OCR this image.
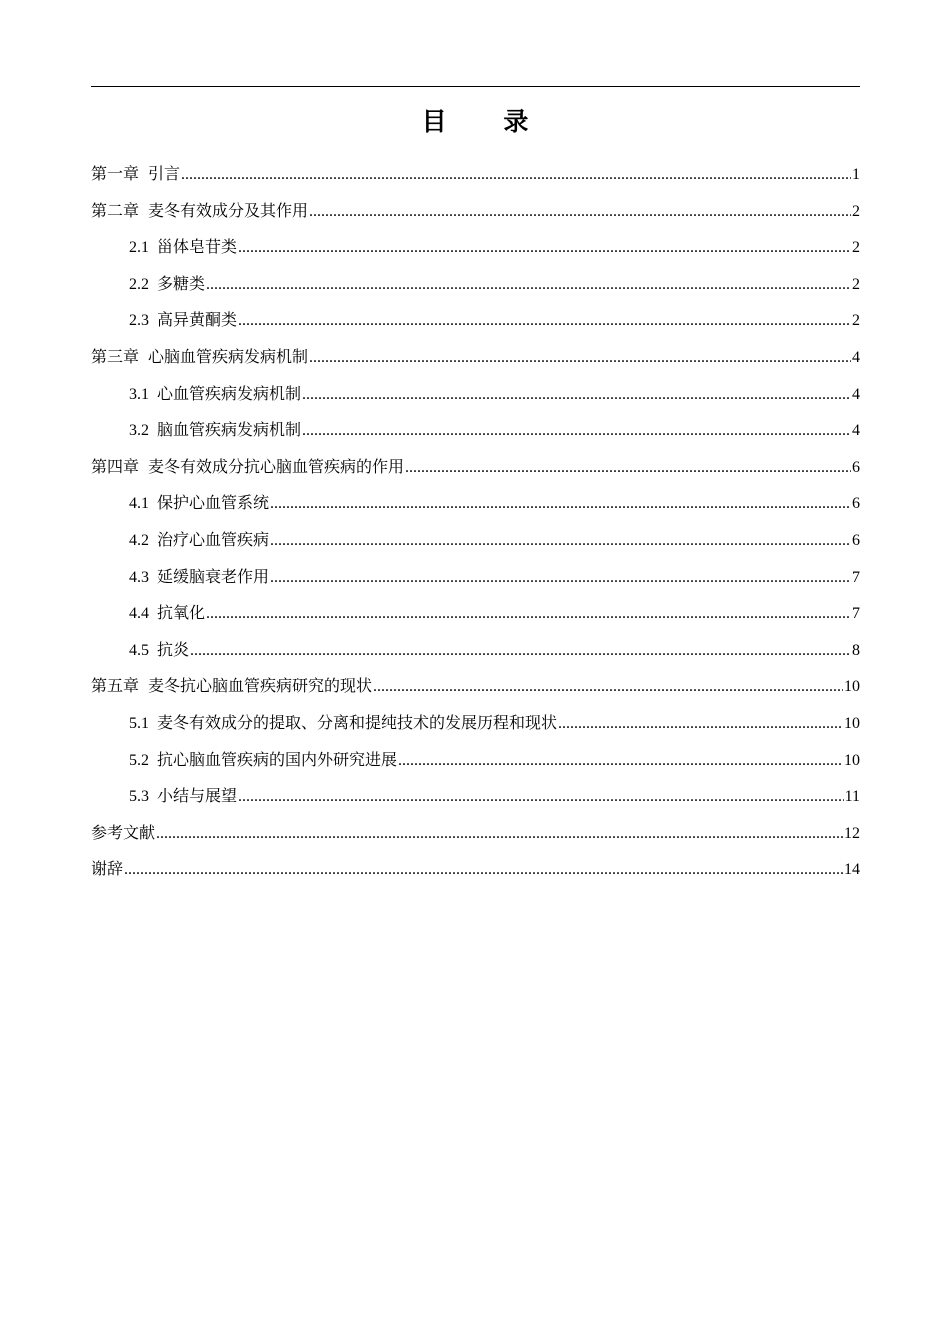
目 录
第一章 引言 .....	1
第二章 麦冬有效成分及其作用 .....	2
2.1 甾体皂苷类 .....	2
2.2 多糖类 .....	2
2.3 高异黄酮类 .....	2
第三章 心脑血管疾病发病机制 .....	4
3.1 心血管疾病发病机制 .....	4
3.2 脑血管疾病发病机制 .....	4
第四章 麦冬有效成分抗心脑血管疾病的作用 .....	6
4.1 保护心血管系统 .....	6
4.2 治疗心血管疾病 .....	6
4.3 延缓脑衰老作用 .....	7
4.4 抗氧化 .....	7
4.5 抗炎 .....	8
第五章 麦冬抗心脑血管疾病研究的现状 .....	10
5.1 麦冬有效成分的提取、分离和提纯技术的发展历程和现状 .....	10
5.2 抗心脑血管疾病的国内外研究进展 .....	10
5.3 小结与展望 .....	11
参考文献 .....	12
谢辞 .....	14
